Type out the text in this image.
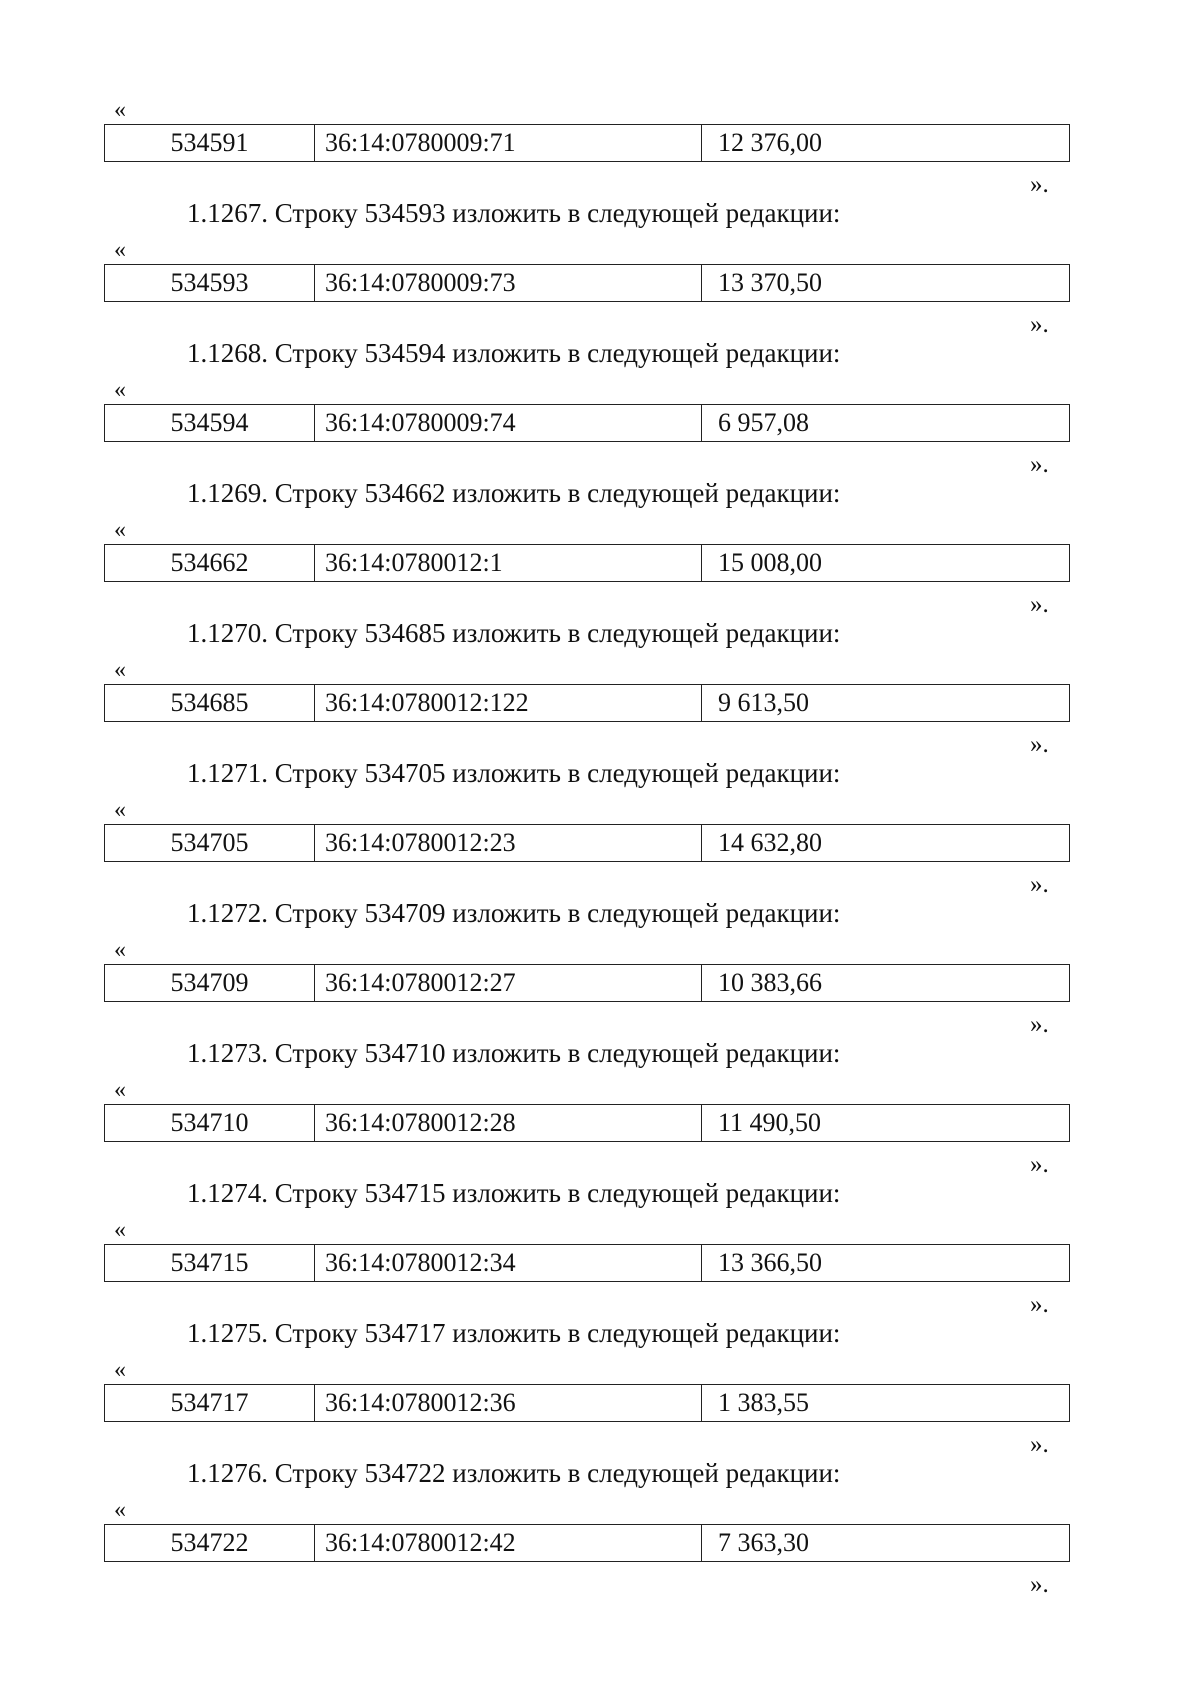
«
534591	36:14:0780009:71	12 376,00
».
1.1267. Строку 534593 изложить в следующей редакции:
«
534593	36:14:0780009:73	13 370,50
».
1.1268. Строку 534594 изложить в следующей редакции:
«
534594	36:14:0780009:74	6 957,08
».
1.1269. Строку 534662 изложить в следующей редакции:
«
534662	36:14:0780012:1	15 008,00
».
1.1270. Строку 534685 изложить в следующей редакции:
«
534685	36:14:0780012:122	9 613,50
».
1.1271. Строку 534705 изложить в следующей редакции:
«
534705	36:14:0780012:23	14 632,80
».
1.1272. Строку 534709 изложить в следующей редакции:
«
534709	36:14:0780012:27	10 383,66
».
1.1273. Строку 534710 изложить в следующей редакции:
«
534710	36:14:0780012:28	11 490,50
».
1.1274. Строку 534715 изложить в следующей редакции:
«
534715	36:14:0780012:34	13 366,50
».
1.1275. Строку 534717 изложить в следующей редакции:
«
534717	36:14:0780012:36	1 383,55
».
1.1276. Строку 534722 изложить в следующей редакции:
«
534722	36:14:0780012:42	7 363,30
».
